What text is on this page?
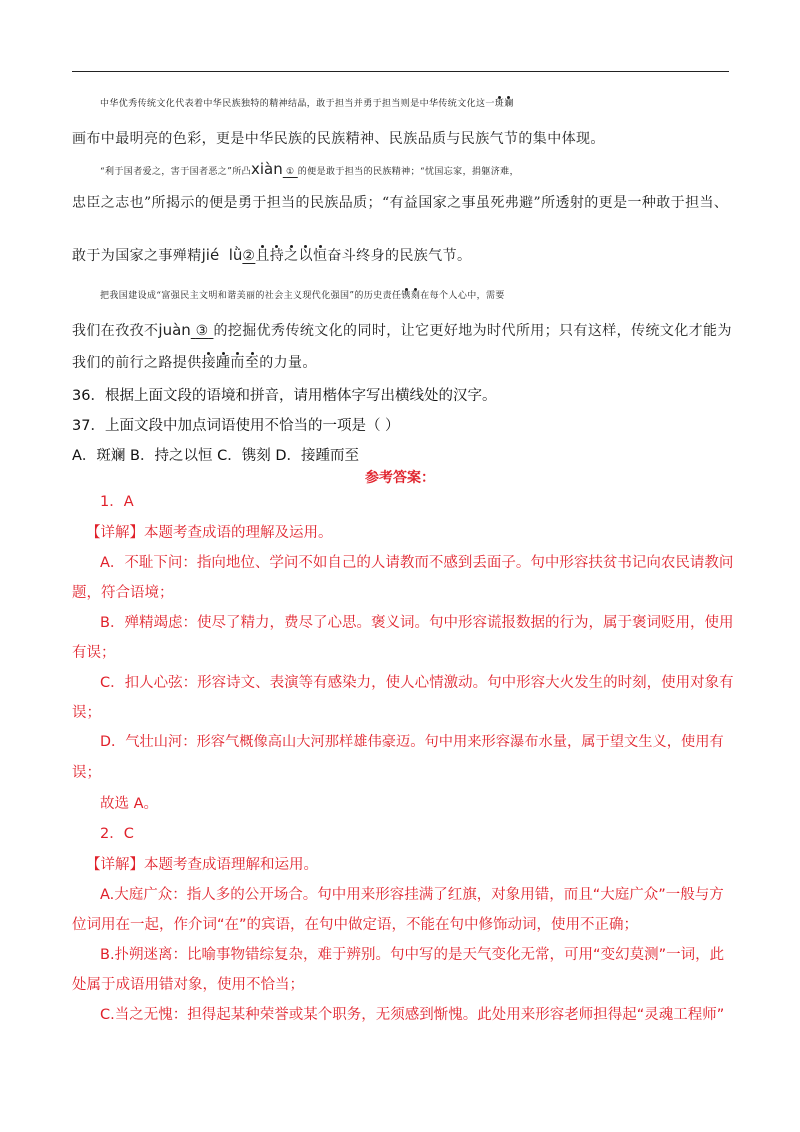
中华优秀传统文化代表着中华民族独特的精神结晶，敢于担当并勇于担当则是中华传统文化这一斑斓
画布中最明亮的色彩，更是中华民族的民族精神、民族品质与民族气节的集中体现。
“利于国者爱之，害于国者恶之”所凸xiàn ① 的便是敢于担当的民族精神；“忧国忘家，捐躯济难，
忠臣之志也”所揭示的便是勇于担当的民族品质；“有益国家之事虽死弗避”所透射的更是一种敢于担当、
敢于为国家之事殚精jié  lǜ②且持之以恒奋斗终身的民族气节。
把我国建设成“富强民主文明和谐美丽的社会主义现代化强国”的历史责任镌刻在每个人心中，需要
我们在孜孜不juàn ③ 的挖掘优秀传统文化的同时，让它更好地为时代所用；只有这样，传统文化才能为
我们的前行之路提供接踵而至的力量。
36．根据上面文段的语境和拼音，请用楷体字写出横线处的汉字。
37．上面文段中加点词语使用不恰当的一项是（ ）
A．斑斓 B．持之以恒 C．镌刻 D．接踵而至
参考答案：
1．A
【详解】本题考查成语的理解及运用。
A．不耻下问：指向地位、学问不如自己的人请教而不感到丢面子。句中形容扶贫书记向农民请教问
题，符合语境；
B．殚精竭虑：使尽了精力，费尽了心思。褒义词。句中形容谎报数据的行为，属于褒词贬用，使用
有误；
C．扣人心弦：形容诗文、表演等有感染力，使人心情激动。句中形容大火发生的时刻，使用对象有
误；
D．气壮山河：形容气概像高山大河那样雄伟豪迈。句中用来形容瀑布水量，属于望文生义，使用有
误；
故选 A。
2．C
【详解】本题考查成语理解和运用。
A.大庭广众：指人多的公开场合。句中用来形容挂满了红旗，对象用错，而且“大庭广众”一般与方
位词用在一起，作介词“在”的宾语，在句中做定语，不能在句中修饰动词，使用不正确；
B.扑朔迷离：比喻事物错综复杂，难于辨别。句中写的是天气变化无常，可用“变幻莫测”一词，此
处属于成语用错对象，使用不恰当；
C.当之无愧：担得起某种荣誉或某个职务，无须感到惭愧。此处用来形容老师担得起“灵魂工程师”
